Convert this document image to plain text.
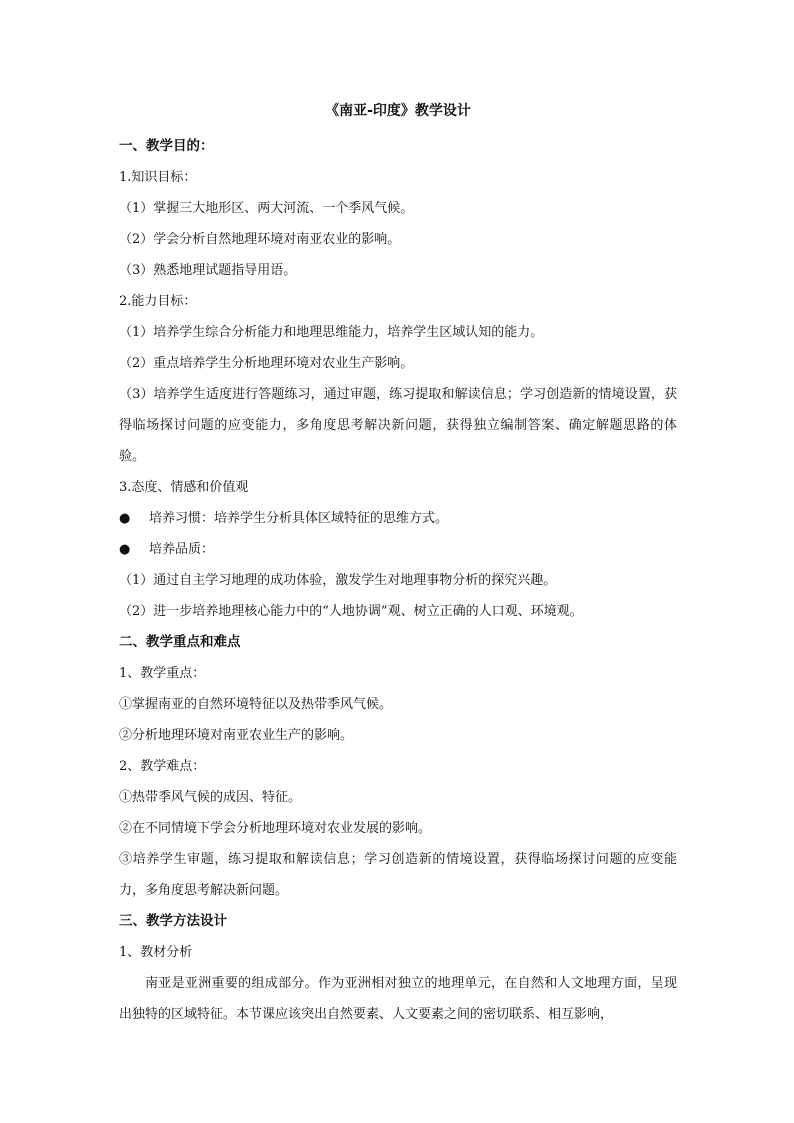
《南亚-印度》教学设计
一、教学目的：
1.知识目标：
（1）掌握三大地形区、两大河流、一个季风气候。
（2）学会分析自然地理环境对南亚农业的影响。
（3）熟悉地理试题指导用语。
2.能力目标：
（1）培养学生综合分析能力和地理思维能力，培养学生区域认知的能力。
（2）重点培养学生分析地理环境对农业生产影响。
（3）培养学生适度进行答题练习，通过审题，练习提取和解读信息；学习创造新的情境设置，获得临场探讨问题的应变能力，多角度思考解决新问题，获得独立编制答案、确定解题思路的体验。
3.态度、情感和价值观
● 培养习惯：培养学生分析具体区域特征的思维方式。
● 培养品质：
（1）通过自主学习地理的成功体验，激发学生对地理事物分析的探究兴趣。
（2）进一步培养地理核心能力中的“人地协调”观、树立正确的人口观、环境观。
二、教学重点和难点
1、教学重点：
①掌握南亚的自然环境特征以及热带季风气候。
②分析地理环境对南亚农业生产的影响。
2、教学难点：
①热带季风气候的成因、特征。
②在不同情境下学会分析地理环境对农业发展的影响。
③培养学生审题，练习提取和解读信息；学习创造新的情境设置，获得临场探讨问题的应变能力，多角度思考解决新问题。
三、教学方法设计
1、教材分析
南亚是亚洲重要的组成部分。作为亚洲相对独立的地理单元，在自然和人文地理方面，呈现出独特的区域特征。本节课应该突出自然要素、人文要素之间的密切联系、相互影响，
